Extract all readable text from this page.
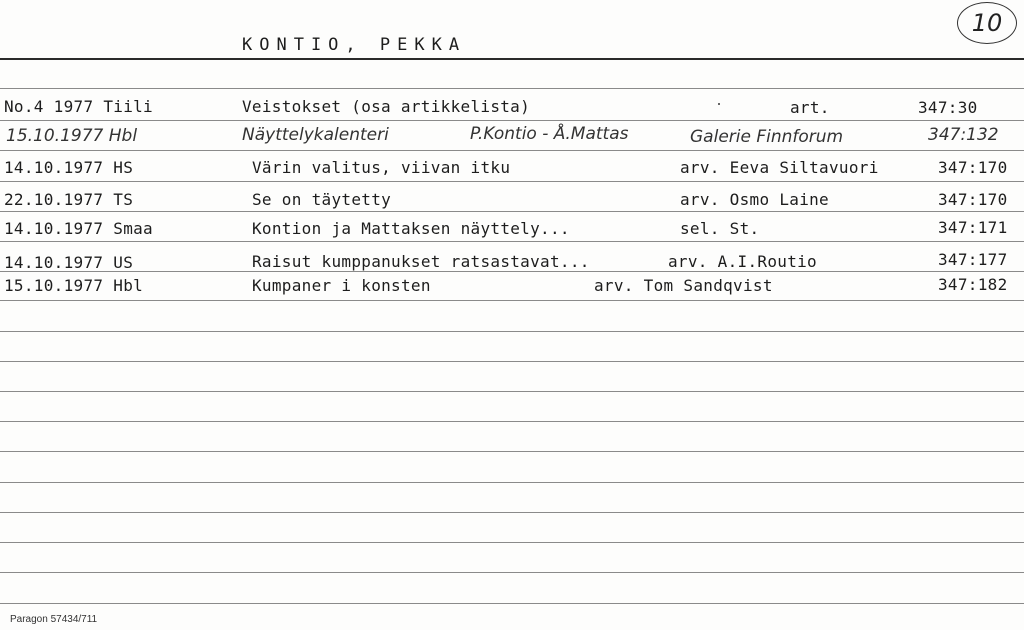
KONTIO, PEKKA
10
No.4 1977 Tiili	Veistokset (osa artikkelista)	art.	347:30
15.10.1977 Hbl	Näyttelykalenteri	P.Kontio - Å.Mattas	Galerie Finnforum	347:132
14.10.1977 HS	Värin valitus, viivan itku	arv. Eeva Siltavuori	347:170
22.10.1977 TS	Se on täytetty	arv. Osmo Laine	347:170
14.10.1977 Smaa	Kontion ja Mattaksen näyttely...	sel. St.	347:171
14.10.1977 US	Raisut kumppanukset ratsastavat...	arv. A.I.Routio	347:177
15.10.1977 Hbl	Kumpaner i konsten	arv. Tom Sandqvist	347:182
Paragon 57434/711
